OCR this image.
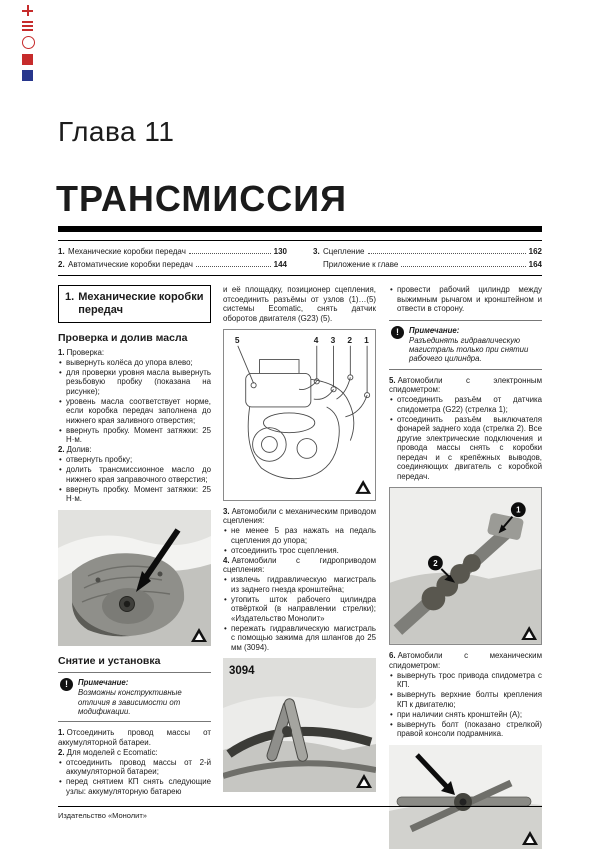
Глава 11
ТРАНСМИССИЯ
1. Механические коробки передач	130
2. Автоматические коробки передач	144
3. Сцепление	162
Приложение к главе	164
1. Механические коробки передач
Проверка и долив масла
1. Проверка:
• вывернуть колёса до упора влево;
• для проверки уровня масла вывернуть резьбовую пробку (показана на рисунке);
• уровень масла соответствует норме, если коробка передач заполнена до нижнего края заливного отверстия;
• ввернуть пробку. Момент затяжки: 25 Н·м.
2. Долив:
• отвернуть пробку;
• долить трансмиссионное масло до нижнего края заправочного отверстия;
• ввернуть пробку. Момент затяжки: 25 Н·м.
Снятие и установка
!	Примечание:
Возможны конструктивные отличия в зависимости от модификации.
1. Отсоединить провод массы от аккумуляторной батареи.
2. Для моделей с Ecomatic:
• отсоединить провод массы от 2-й аккумуляторной батареи;
• перед снятием КП снять следующие узлы: аккумуляторную батарею
и её площадку, позиционер сцепления, отсоединить разъёмы от узлов (1)…(5) системы Ecomatic, снять датчик оборотов двигателя (G23) (5).
5	4 3 2 1
3. Автомобили с механическим приводом сцепления:
• не менее 5 раз нажать на педаль сцепления до упора;
• отсоединить трос сцепления.
4. Автомобили с гидроприводом сцепления:
• извлечь гидравлическую магистраль из заднего гнезда кронштейна;
• утопить шток рабочего цилиндра отвёрткой (в направлении стрелки); «Издательство Монолит»
• пережать гидравлическую магистраль с помощью зажима для шлангов до 25 мм (3094).
3094
• провести рабочий цилиндр между выжимным рычагом и кронштейном и отвести в сторону.
!	Примечание:
Разъединять гидравлическую магистраль только при снятии рабочего цилиндра.
5. Автомобили с электронным спидометром:
• отсоединить разъём от датчика спидометра (G22) (стрелка 1);
• отсоединить разъём выключателя фонарей заднего хода (стрелка 2). Все другие электрические подключения и провода массы снять с коробки передач и с крепёжных выводов, соединяющих двигатель с коробкой передач.
1
2
6. Автомобили с механическим спидометром:
• вывернуть трос привода спидометра с КП.
• вывернуть верхние болты крепления КП к двигателю;
• при наличии снять кронштейн (А);
• вывернуть болт (показано стрелкой) правой консоли подрамника.
Издательство «Монолит»
